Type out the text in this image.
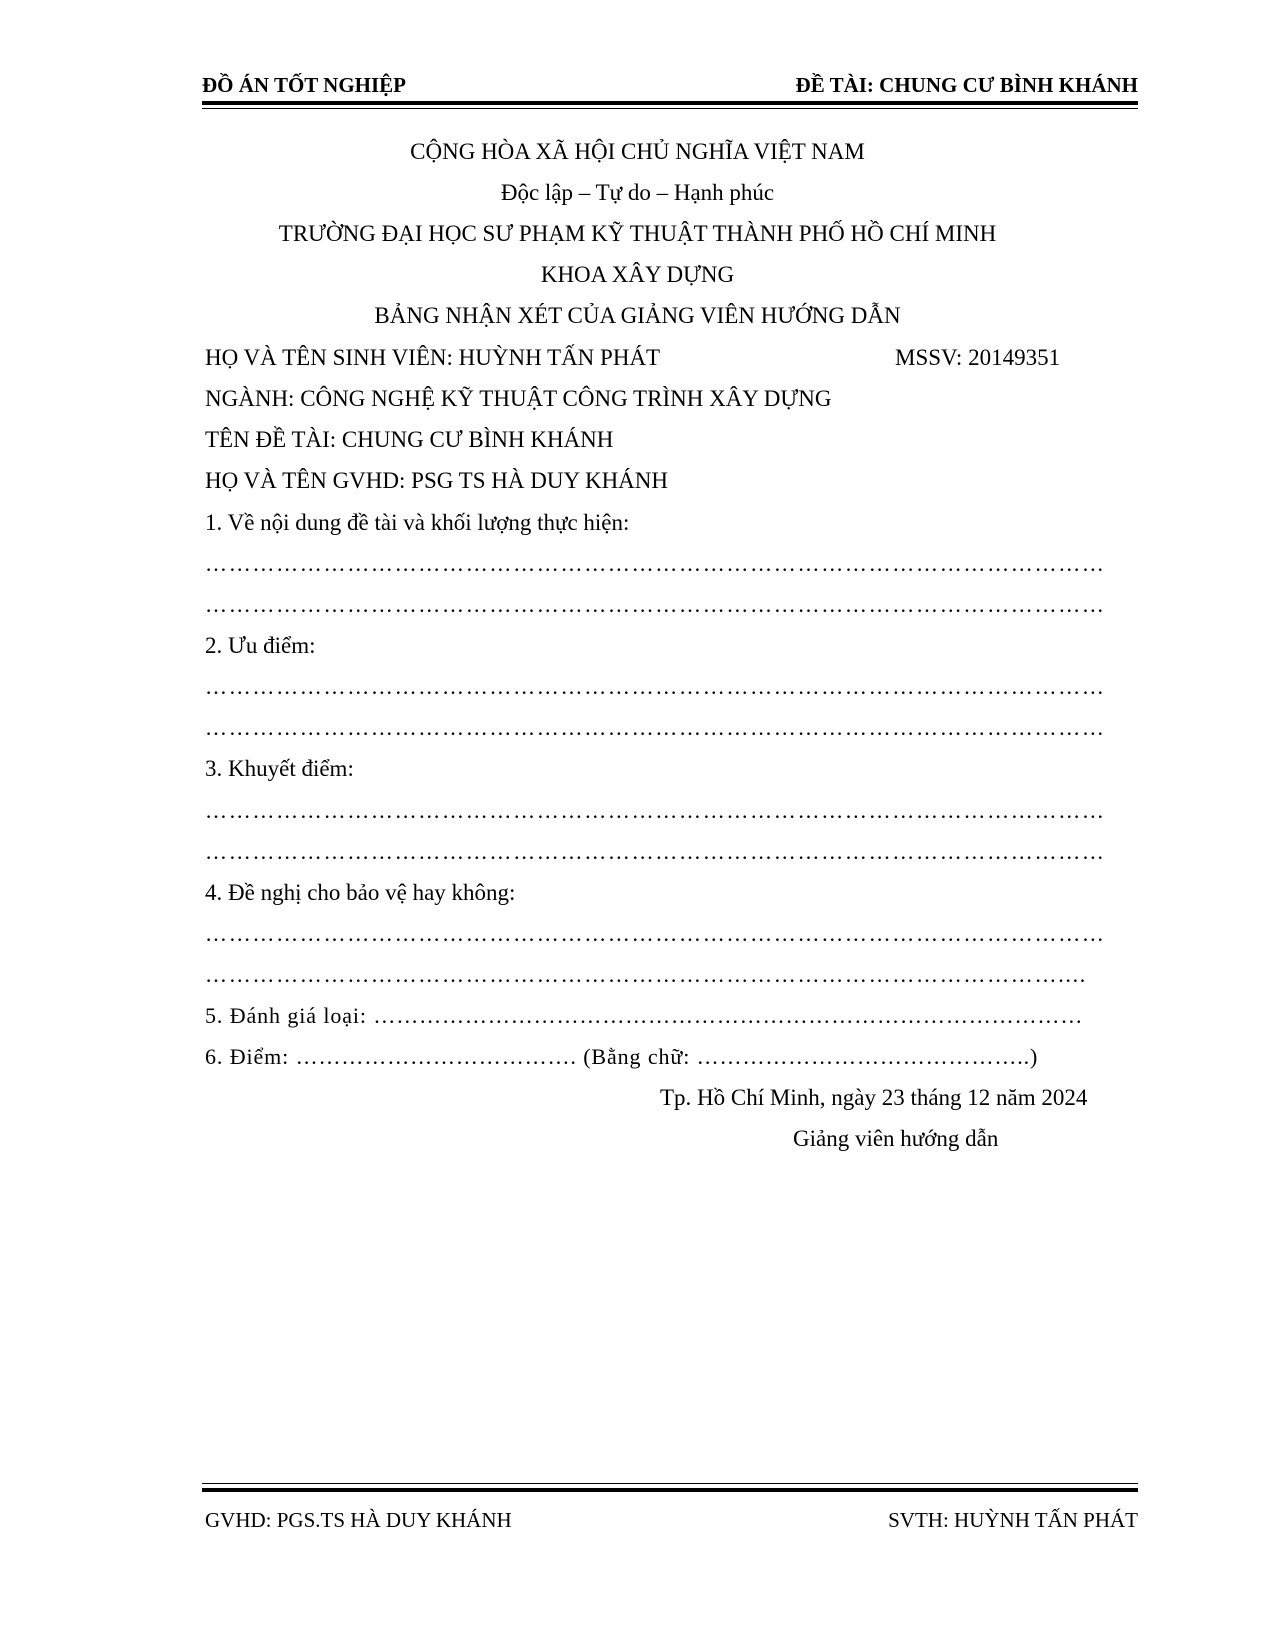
ĐỒ ÁN TỐT NGHIỆP	ĐỀ TÀI: CHUNG CƯ BÌNH KHÁNH
CỘNG HÒA XÃ HỘI CHỦ NGHĨA VIỆT NAM
Độc lập – Tự do – Hạnh phúc
TRƯỜNG ĐẠI HỌC SƯ PHẠM KỸ THUẬT THÀNH PHỐ HỒ CHÍ MINH
KHOA XÂY DỰNG
BẢNG NHẬN XÉT CỦA GIẢNG VIÊN HƯỚNG DẪN
HỌ VÀ TÊN SINH VIÊN: HUỲNH TẤN PHÁT	MSSV: 20149351
NGÀNH: CÔNG NGHỆ KỸ THUẬT CÔNG TRÌNH XÂY DỰNG
TÊN ĐỀ TÀI: CHUNG CƯ BÌNH KHÁNH
HỌ VÀ TÊN GVHD: PSG TS HÀ DUY KHÁNH
1. Về nội dung đề tài và khối lượng thực hiện:
……………………………………………………………………………………………………
……………………………………………………………………………………………………
2. Ưu điểm:
……………………………………………………………………………………………………
……………………………………………………………………………………………………
3. Khuyết điểm:
……………………………………………………………………………………………………
……………………………………………………………………………………………………
4. Đề nghị cho bảo vệ hay không:
……………………………………………………………………………………………………
………………………………………………………………………………………………....
5. Đánh giá loại: …………………………………………………………………………………
6. Điểm: ………………………………. (Bằng chữ: ……………………………………..)
Tp. Hồ Chí Minh, ngày 23 tháng 12 năm 2024
Giảng viên hướng dẫn
GVHD: PGS.TS HÀ DUY KHÁNH	SVTH: HUỲNH TẤN PHÁT
